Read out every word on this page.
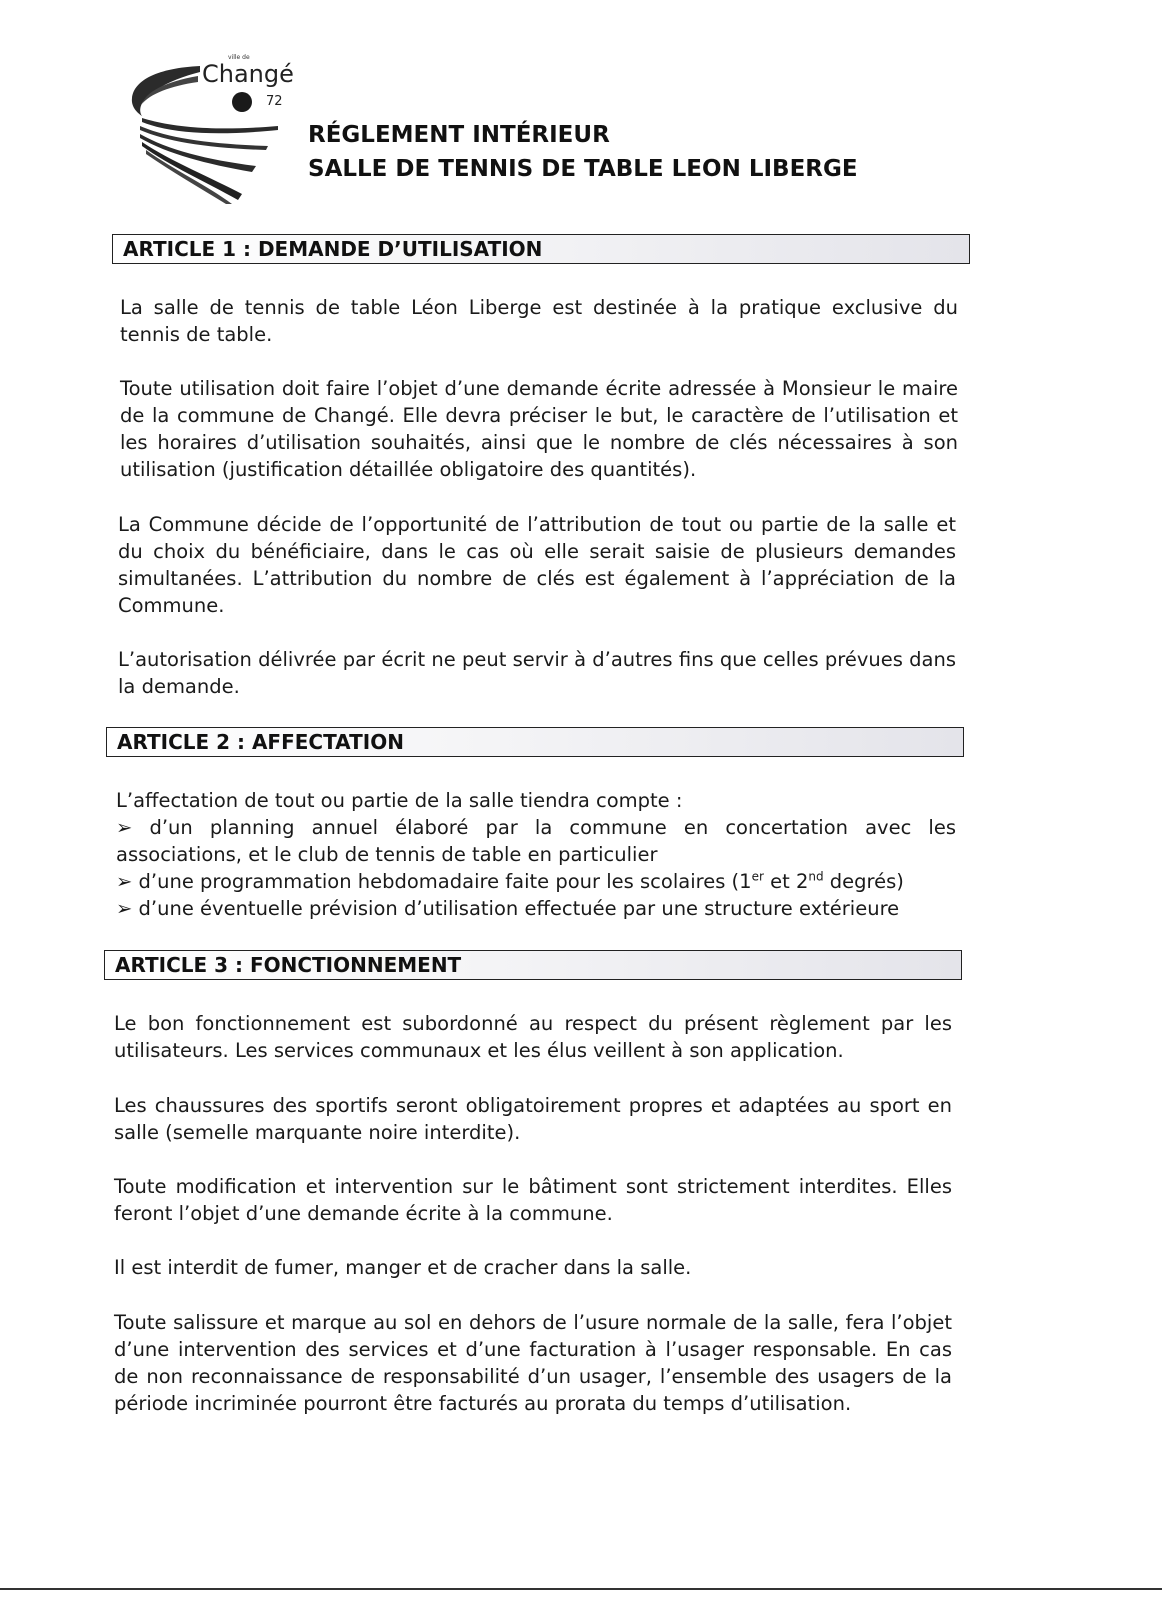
ville de
Changé
72
RÉGLEMENT INTÉRIEUR
SALLE DE TENNIS DE TABLE LEON LIBERGE
ARTICLE 1 : DEMANDE D’UTILISATION
La salle de tennis de table Léon Liberge est destinée à la pratique exclusive du tennis de table.
Toute utilisation doit faire l’objet d’une demande écrite adressée à Monsieur le maire de la commune de Changé. Elle devra préciser le but, le caractère de l’utilisation et les horaires d’utilisation souhaités, ainsi que le nombre de clés nécessaires à son utilisation (justification détaillée obligatoire des quantités).
La Commune décide de l’opportunité de l’attribution de tout ou partie de la salle et du choix du bénéficiaire, dans le cas où elle serait saisie de plusieurs demandes simultanées. L’attribution du nombre de clés est également à l’appréciation de la Commune.
L’autorisation délivrée par écrit ne peut servir à d’autres fins que celles prévues dans la demande.
ARTICLE 2 : AFFECTATION
L’affectation de tout ou partie de la salle tiendra compte :
➢ d’un planning annuel élaboré par la commune en concertation avec les associations, et le club de tennis de table en particulier
➢ d’une programmation hebdomadaire faite pour les scolaires (1er et 2nd degrés)
➢ d’une éventuelle prévision d’utilisation effectuée par une structure extérieure
ARTICLE 3 : FONCTIONNEMENT
Le bon fonctionnement est subordonné au respect du présent règlement par les utilisateurs. Les services communaux et les élus veillent à son application.
Les chaussures des sportifs seront obligatoirement propres et adaptées au sport en salle (semelle marquante noire interdite).
Toute modification et intervention sur le bâtiment sont strictement interdites. Elles feront l’objet d’une demande écrite à la commune.
Il est interdit de fumer, manger et de cracher dans la salle.
Toute salissure et marque au sol en dehors de l’usure normale de la salle, fera l’objet d’une intervention des services et d’une facturation à l’usager responsable. En cas de non reconnaissance de responsabilité d’un usager, l’ensemble des usagers de la période incriminée pourront être facturés au prorata du temps d’utilisation.
